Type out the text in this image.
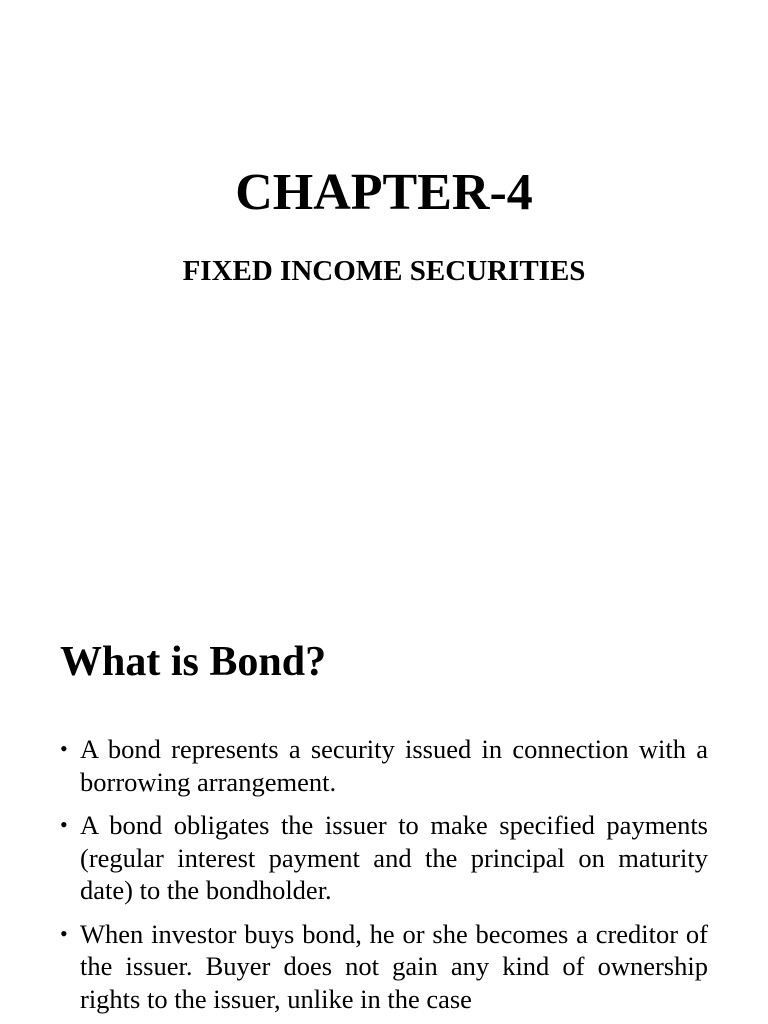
CHAPTER-4
FIXED INCOME SECURITIES
What is Bond?
• A bond represents a security issued in connection with a borrowing arrangement.
• A bond obligates the issuer to make specified payments (regular interest payment and the principal on maturity date) to the bondholder.
• When investor buys bond, he or she becomes a creditor of the issuer. Buyer does not gain any kind of ownership rights to the issuer, unlike in the case
